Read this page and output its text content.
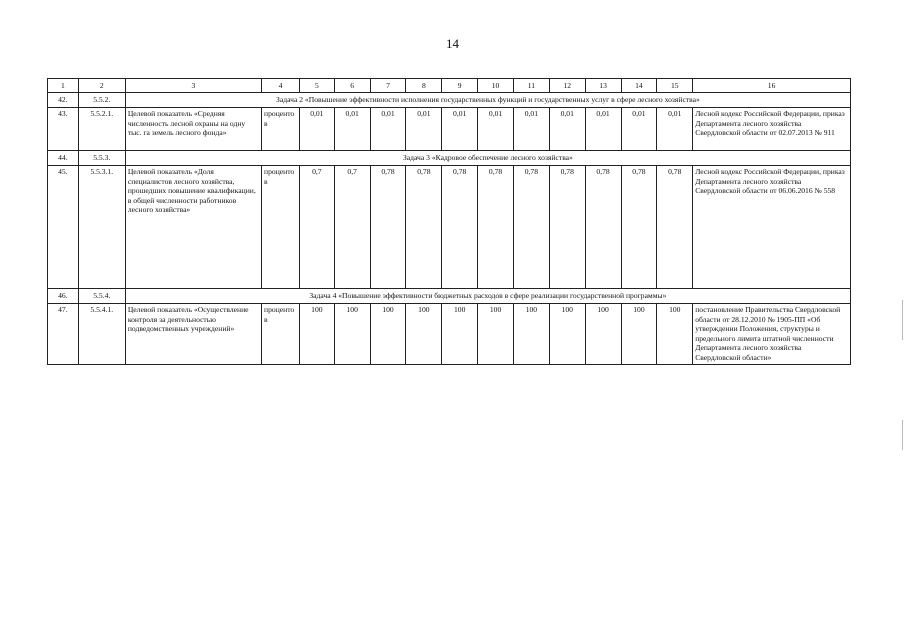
14
1	2	3	4	5	6	7	8	9	10	11	12	13	14	15	16
42.	5.5.2.	Задача 2 «Повышение эффективности исполнения государственных функций и государственных услуг в сфере лесного хозяйства»													
43.	5.5.2.1.	Целевой показатель «Средняя численность лесной охраны на одну тыс. га земель лесного фонда»	процентов	0,01	0,01	0,01	0,01	0,01	0,01	0,01	0,01	0,01	0,01	0,01	Лесной кодекс Российской Федерации, приказ Департамента лесного хозяйства Свердловской области от 02.07.2013 № 911
44.	5.5.3.	Задача 3 «Кадровое обеспечение лесного хозяйства»													
45.	5.5.3.1.	Целевой показатель «Доля специалистов лесного хозяйства, прошедших повышение квалификации, в общей численности работников лесного хозяйства»	процентов	0,7	0,7	0,78	0,78	0,78	0,78	0,78	0,78	0,78	0,78	0,78	Лесной кодекс Российской Федерации, приказ Департамента лесного хозяйства Свердловской области от 06.06.2016 № 558
46.	5.5.4.	Задача 4 «Повышение эффективности бюджетных расходов в сфере реализации государственной программы»													
47.	5.5.4.1.	Целевой показатель «Осуществление контроля за деятельностью подведомственных учреждений»	процентов	100	100	100	100	100	100	100	100	100	100	100	постановление Правительства Свердловской области от 28.12.2010 № 1905-ПП «Об утверждении Положения, структуры и предельного лимита штатной численности Департамента лесного хозяйства Свердловской области»
